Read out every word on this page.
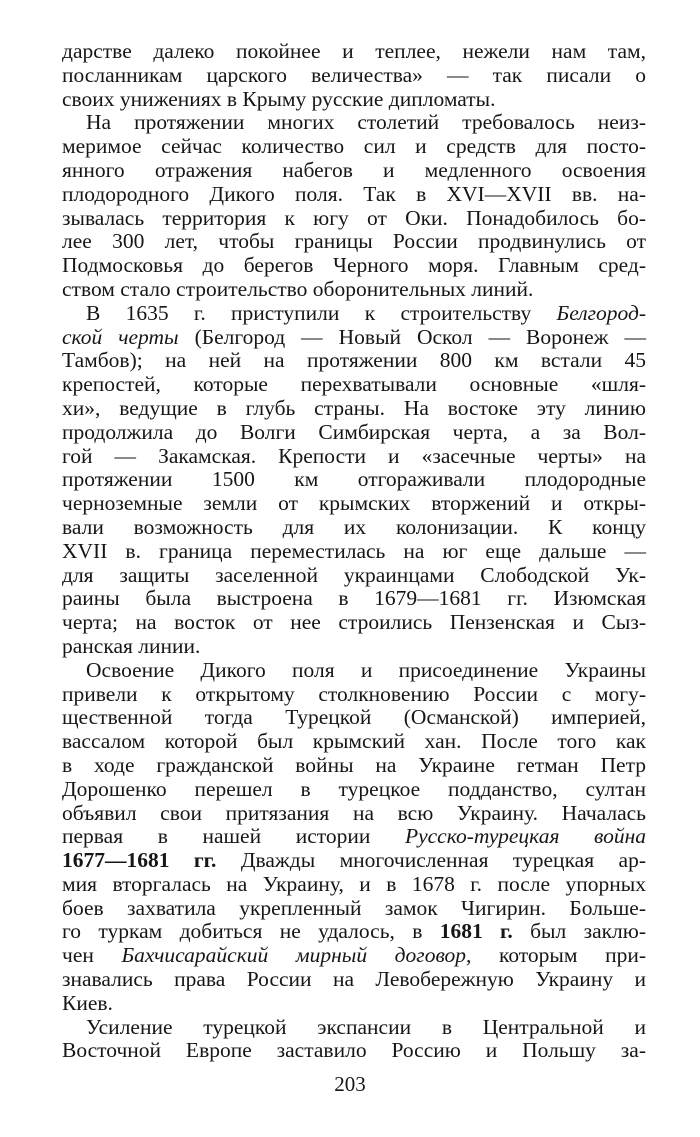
дарстве далеко покойнее и теплее, нежели нам там,
посланникам царского величества» — так писали о
своих унижениях в Крыму русские дипломаты.
На протяжении многих столетий требовалось неиз-
меримое сейчас количество сил и средств для посто-
янного отражения набегов и медленного освоения
плодородного Дикого поля. Так в XVI—XVII вв. на-
зывалась территория к югу от Оки. Понадобилось бо-
лее 300 лет, чтобы границы России продвинулись от
Подмосковья до берегов Черного моря. Главным сред-
ством стало строительство оборонительных линий.
В 1635 г. приступили к строительству Белгород-
ской черты (Белгород — Новый Оскол — Воронеж —
Тамбов); на ней на протяжении 800 км встали 45
крепостей, которые перехватывали основные «шля-
хи», ведущие в глубь страны. На востоке эту линию
продолжила до Волги Симбирская черта, а за Вол-
гой — Закамская. Крепости и «засечные черты» на
протяжении 1500 км отгораживали плодородные
черноземные земли от крымских вторжений и откры-
вали возможность для их колонизации. К концу
XVII в. граница переместилась на юг еще дальше —
для защиты заселенной украинцами Слободской Ук-
раины была выстроена в 1679—1681 гг. Изюмская
черта; на восток от нее строились Пензенская и Сыз-
ранская линии.
Освоение Дикого поля и присоединение Украины
привели к открытому столкновению России с могу-
щественной тогда Турецкой (Османской) империей,
вассалом которой был крымский хан. После того как
в ходе гражданской войны на Украине гетман Петр
Дорошенко перешел в турецкое подданство, султан
объявил свои притязания на всю Украину. Началась
первая в нашей истории Русско-турецкая война
1677—1681 гг. Дважды многочисленная турецкая ар-
мия вторгалась на Украину, и в 1678 г. после упорных
боев захватила укрепленный замок Чигирин. Больше-
го туркам добиться не удалось, в 1681 г. был заклю-
чен Бахчисарайский мирный договор, которым при-
знавались права России на Левобережную Украину и
Киев.
Усиление турецкой экспансии в Центральной и
Восточной Европе заставило Россию и Польшу за-
203
